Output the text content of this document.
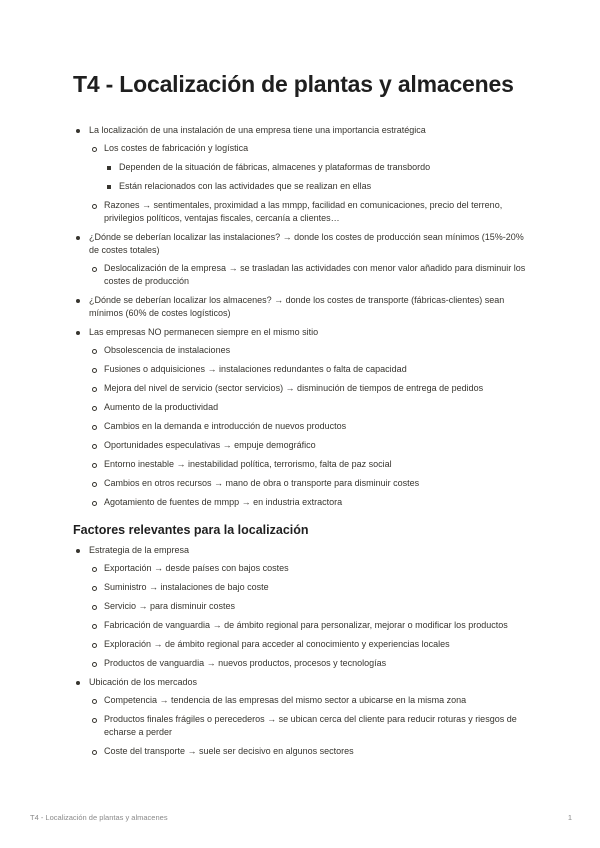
T4 - Localización de plantas y almacenes
La localización de una instalación de una empresa tiene una importancia estratégica
Los costes de fabricación y logística
Dependen de la situación de fábricas, almacenes y plataformas de transbordo
Están relacionados con las actividades que se realizan en ellas
Razones → sentimentales, proximidad a las mmpp, facilidad en comunicaciones, precio del terreno, privilegios políticos, ventajas fiscales, cercanía a clientes…
¿Dónde se deberían localizar las instalaciones? → donde los costes de producción sean mínimos (15%-20% de costes totales)
Deslocalización de la empresa → se trasladan las actividades con menor valor añadido para disminuir los costes de producción
¿Dónde se deberían localizar los almacenes? → donde los costes de transporte (fábricas-clientes) sean mínimos (60% de costes logísticos)
Las empresas NO permanecen siempre en el mismo sitio
Obsolescencia de instalaciones
Fusiones o adquisiciones → instalaciones redundantes o falta de capacidad
Mejora del nivel de servicio (sector servicios) → disminución de tiempos de entrega de pedidos
Aumento de la productividad
Cambios en la demanda e introducción de nuevos productos
Oportunidades especulativas → empuje demográfico
Entorno inestable → inestabilidad política, terrorismo, falta de paz social
Cambios en otros recursos → mano de obra o transporte para disminuir costes
Agotamiento de fuentes de mmpp → en industria extractora
Factores relevantes para la localización
Estrategia de la empresa
Exportación → desde países con bajos costes
Suministro → instalaciones de bajo coste
Servicio → para disminuir costes
Fabricación de vanguardia → de ámbito regional para personalizar, mejorar o modificar los productos
Exploración → de ámbito regional para acceder al conocimiento y experiencias locales
Productos de vanguardia → nuevos productos, procesos y tecnologías
Ubicación de los mercados
Competencia → tendencia de las empresas del mismo sector a ubicarse en la misma zona
Productos finales frágiles o perecederos → se ubican cerca del cliente para reducir roturas y riesgos de echarse a perder
Coste del transporte → suele ser decisivo en algunos sectores
T4 - Localización de plantas y almacenes	1
